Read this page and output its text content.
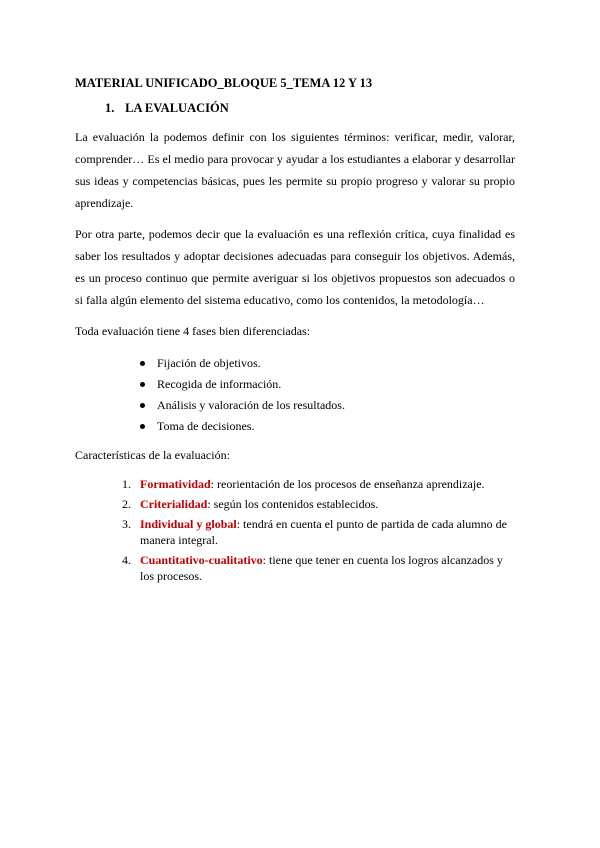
MATERIAL UNIFICADO_BLOQUE 5_TEMA 12 Y 13
1. LA EVALUACIÓN

La evaluación la podemos definir con los siguientes términos: verificar, medir, valorar, comprender… Es el medio para provocar y ayudar a los estudiantes a elaborar y desarrollar sus ideas y competencias básicas, pues les permite su propio progreso y valorar su propio aprendizaje.

Por otra parte, podemos decir que la evaluación es una reflexión crítica, cuya finalidad es saber los resultados y adoptar decisiones adecuadas para conseguir los objetivos. Además, es un proceso continuo que permite averiguar si los objetivos propuestos son adecuados o si falla algún elemento del sistema educativo, como los contenidos, la metodología…

Toda evaluación tiene 4 fases bien diferenciadas:

Fijación de objetivos.
Recogida de información.
Análisis y valoración de los resultados.
Toma de decisiones.

Características de la evaluación:

1. Formatividad: reorientación de los procesos de enseñanza aprendizaje.
2. Criterialidad: según los contenidos establecidos.
3. Individual y global: tendrá en cuenta el punto de partida de cada alumno de manera integral.
4. Cuantitativo-cualitativo: tiene que tener en cuenta los logros alcanzados y los procesos.
